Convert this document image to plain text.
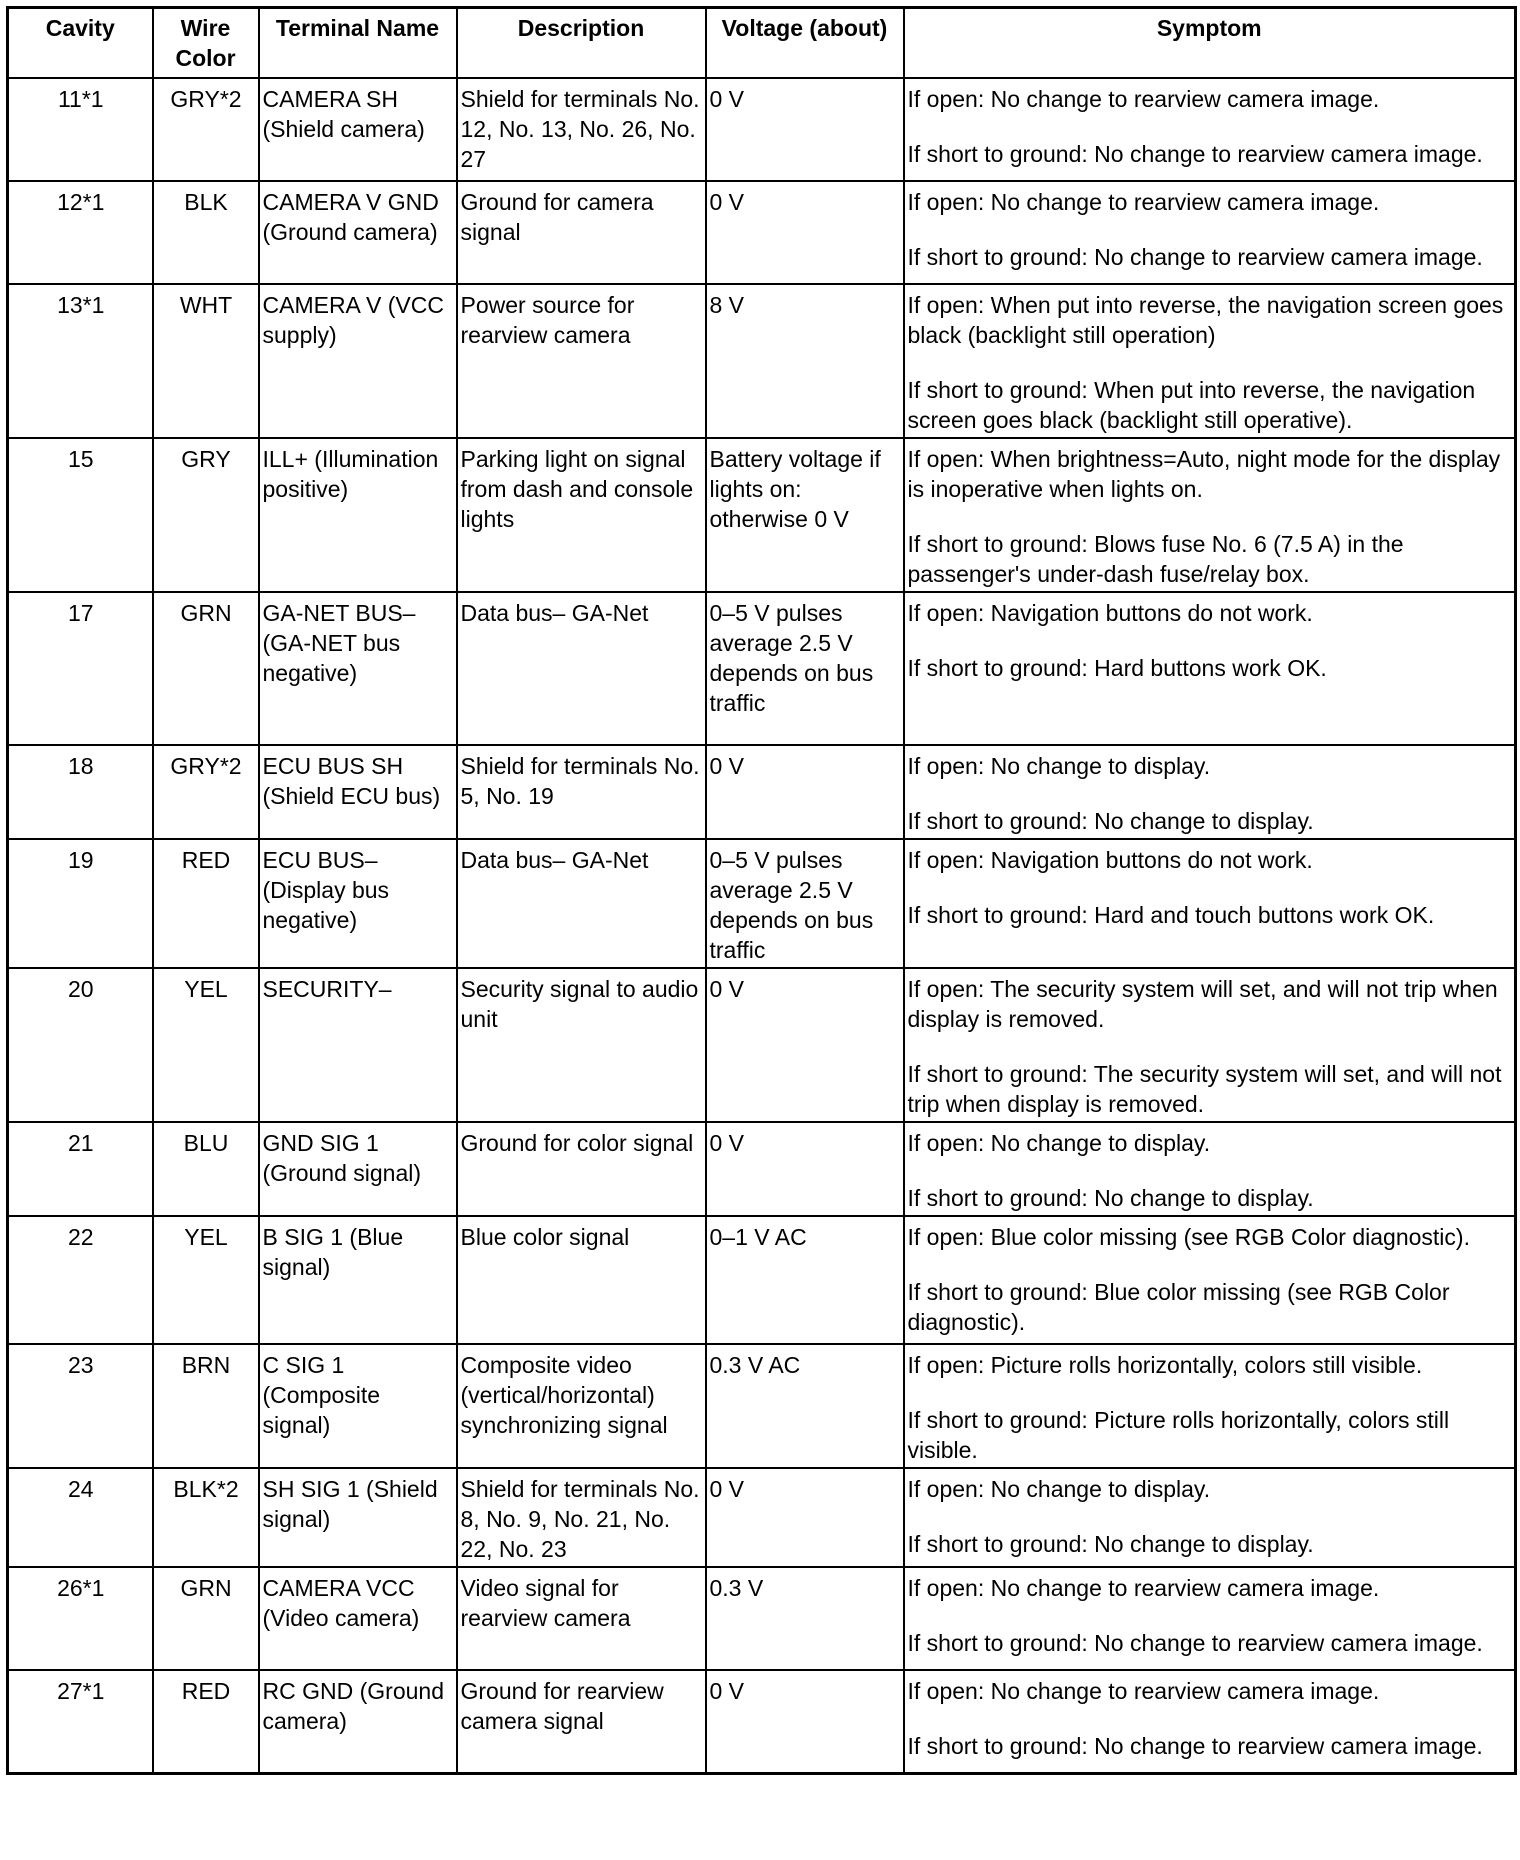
Cavity	Wire Color	Terminal Name	Description	Voltage (about)	Symptom
11*1	GRY*2	CAMERA SH (Shield camera)	Shield for terminals No. 12, No. 13, No. 26, No. 27	0 V	If open: No change to rearview camera image.

If short to ground: No change to rearview camera image.

12*1	BLK	CAMERA V GND (Ground camera)	Ground for camera signal	0 V	If open: No change to rearview camera image.

If short to ground: No change to rearview camera image.

13*1	WHT	CAMERA V (VCC supply)	Power source for rearview camera	8 V	If open: When put into reverse, the navigation screen goes black (backlight still operation)

If short to ground: When put into reverse, the navigation screen goes black (backlight still operative).

15	GRY	ILL+ (Illumination positive)	Parking light on signal from dash and console lights	Battery voltage if lights on: otherwise 0 V	If open: When brightness=Auto, night mode for the display is inoperative when lights on.

If short to ground: Blows fuse No. 6 (7.5 A) in the passenger's under-dash fuse/relay box.

17	GRN	GA-NET BUS– (GA-NET bus negative)	Data bus– GA-Net	0–5 V pulses average 2.5 V depends on bus traffic	If open: Navigation buttons do not work.

If short to ground: Hard buttons work OK.

18	GRY*2	ECU BUS SH (Shield ECU bus)	Shield for terminals No. 5, No. 19	0 V	If open: No change to display.

If short to ground: No change to display.

19	RED	ECU BUS– (Display bus negative)	Data bus– GA-Net	0–5 V pulses average 2.5 V depends on bus traffic	If open: Navigation buttons do not work.

If short to ground: Hard and touch buttons work OK.

20	YEL	SECURITY–	Security signal to audio unit	0 V	If open: The security system will set, and will not trip when display is removed.

If short to ground: The security system will set, and will not trip when display is removed.

21	BLU	GND SIG 1 (Ground signal)	Ground for color signal	0 V	If open: No change to display.

If short to ground: No change to display.

22	YEL	B SIG 1 (Blue signal)	Blue color signal	0–1 V AC	If open: Blue color missing (see RGB Color diagnostic).

If short to ground: Blue color missing (see RGB Color diagnostic).

23	BRN	C SIG 1 (Composite signal)	Composite video (vertical/horizontal) synchronizing signal	0.3 V AC	If open: Picture rolls horizontally, colors still visible.

If short to ground: Picture rolls horizontally, colors still visible.

24	BLK*2	SH SIG 1 (Shield signal)	Shield for terminals No. 8, No. 9, No. 21, No. 22, No. 23	0 V	If open: No change to display.

If short to ground: No change to display.

26*1	GRN	CAMERA VCC (Video camera)	Video signal for rearview camera	0.3 V	If open: No change to rearview camera image.

If short to ground: No change to rearview camera image.

27*1	RED	RC GND (Ground camera)	Ground for rearview camera signal	0 V	If open: No change to rearview camera image.

If short to ground: No change to rearview camera image.
